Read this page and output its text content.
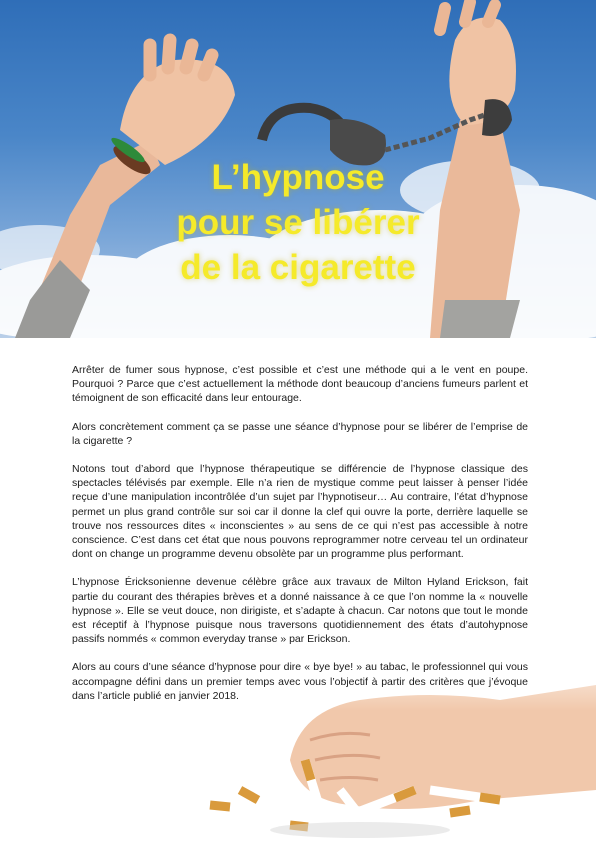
L’hypnose
pour se libérer
de la cigarette

Arrêter de fumer sous hypnose, c’est possible et c’est une méthode qui a le vent en poupe. Pourquoi ? Parce que c’est actuellement la méthode dont beaucoup d’anciens fumeurs parlent et témoignent de son efficacité dans leur entourage.

Alors concrètement comment ça se passe une séance d’hypnose pour se libérer de l’emprise de la cigarette ?

Notons tout d’abord que l’hypnose thérapeutique se différencie de l’hypnose classique des spectacles télévisés par exemple. Elle n’a rien de mystique comme peut laisser à penser l’idée reçue d’une manipulation incontrôlée d’un sujet par l’hypnotiseur… Au contraire, l’état d’hypnose permet un plus grand contrôle sur soi car il donne la clef qui ouvre la porte, derrière laquelle se trouve nos ressources dites « inconscientes » au sens de ce qui n’est pas accessible à notre conscience. C’est dans cet état que nous pouvons reprogrammer notre cerveau tel un ordinateur dont on change un programme devenu obsolète par un programme plus performant.

L’hypnose Éricksonienne devenue célèbre grâce aux travaux de Milton Hyland Erickson, fait partie du courant des thérapies brèves et a donné naissance à ce que l’on nomme la « nouvelle hypnose ». Elle se veut douce, non dirigiste, et s’adapte à chacun. Car notons que tout le monde est réceptif à l’hypnose puisque nous traversons quotidiennement des états d’autohypnose passifs nommés « common everyday transe » par Erickson.

Alors au cours d’une séance d’hypnose pour dire « bye bye! » au tabac, le professionnel qui vous accompagne défini dans un premier temps avec vous l’objectif à partir des critères que j’évoque dans l’article publié en janvier 2018.
